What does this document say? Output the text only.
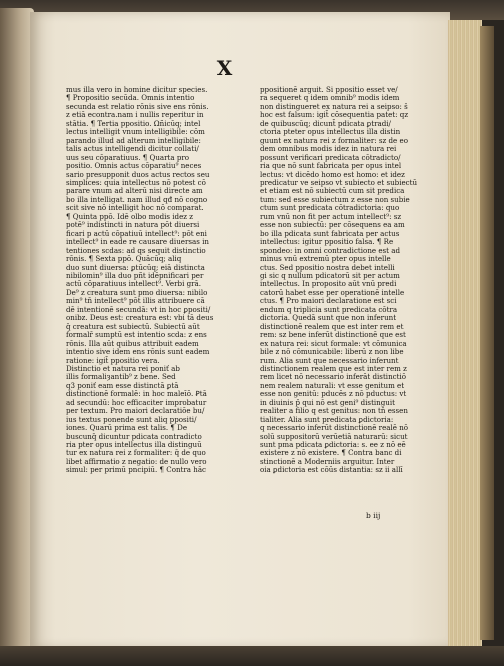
X

mus illa vero in homine dicitur species.
¶ Propositio secūda. Omnis intentio
secunda est relatio rōnis sive ens rōnis.
z etiā econtra.nam i nullis reperitur in
stātia. ¶ Tertia ppositio. Ωñicūq; intel
lectus intelligit vnum intelligibile: cōm
parando illud ad alterum intelligibile:
talis actus intelligendi dicitur collati/
uus seu cōparatiuus. ¶ Quarta pro
positio. Omnis actus cōparatiu⁹ neces
sario presupponit duos actus rectos seu
simplices: quia intellectus nō potest cō
parare vnum ad alterū nisi directe am
bo illa intelligat. nam illud qđ nō cogno
scit sive nō intelligit hoc nō comparat.
¶ Quinta ppō. Idē olbo modis idez z
potē⁹ indistincti in natura pōt diuersi
ficari p actū cōpatiuū intellect⁹: pōt eni
intellect⁹ in eade re causare diuersas in
tentiones scdas: ad qs sequit distinctio
rōnis. ¶ Sexta ppō. Quācūq; aliq
duo sunt diuersa: ꝑtūcūq; eiā distincta
nibilomin⁹ illa duo pñt idēpnificari per
actū cōparatiuus intellect⁹. Verbi grā.
De⁹ z creatura sunt pmo diuersa: nibilo
min⁹ tn̄ intellect⁹ pōt illis attribuere cā
dē intentionē secundā: vt in hoc ꝑpositi/
onibz. Deus est: creatura est: vbi tā deus
q̄ creatura est subiectū. Subiectū aūt
formalr̄ sumptū est intentio scda: z ens
rōnis. Illa aūt quibus attribuit eadem
intentio sive idem ens rōnis sunt eadem
ratione: igit̄ ppositio vera.
Distinctio et natura rei poniť ab
illis formaliȝantib⁹ z bene. Sed
q3 poniť eam esse distinctā ꝑtā
distinctionē formalē: in hoc maleīō. Ꝑtā
ad secundū: hoc efficaciter improbatur
per textum. Pro maiori declaratiōe bu/
ius textus ponende sunt aliq ppositi/
iones. Quarū prima est talis. ¶ De
buscunq̄ dicuntur pdicata contradicto
ria pter opus intellectus illa distinguū
tur ex natura rei z formaliter: q̄ de quo
libet affirmatio z negatio: de nullo vero
simul: per primū pncipiū. ¶ Contra hāc

ppositionē arguit. Si ppositio esset ve/
ra sequeret q idem omnib⁹ modis idem
non distingueret ex natura rei a seipso: s̄
hoc est falsum: igit̄ cōsequentia patet: qz
de quibuscūq; dicunt̄ pdicata ꝑtradi/
ctoria pteter opus intellectus illa distin
guunt ex natura rei z formaliter: sz de eo
dem omnibus modis idez in natura rei
possunt verificari predicata cōtradicto/
ria que nō sunt fabricata per opus intel
lectus: vt dicēdo homo est homo: et idez
predicatur ve seipso vt subiecto et subiectū
et etiam est nō subiectū cum sit predica
tum: sed esse subiectum z esse non subie
ctum sunt predicata cōtradictoria: quo
rum vnū non fit per actum intellect⁹: sz
esse non subiectū: per cōsequens ea am
bo illa pdicata sunt fabricata per actus
intellectus: igitur ppositio falsa. ¶ Re
spondeo: in omni contradictione est ad
minus vnū extremū pter opus intelle
ctus. Sed ppositio nostra debet intelli
gi sic q nullum pdicatorū sit per actum
intellectus. In proposito aūt vnū predi
catorū habet esse per operationē intelle
ctus. ¶ Pro maiori declaratione est sci
endum q triplicia sunt predicata cōtra
dictoria. Quedā sunt que non inferunt
distinctionē realem que est inter rem et
rem: sz bene inferūt distinctionē que est
ex natura rei: sicut formale: vt cōmunica
bile z nō cōmunicabile: liberū z non libe
rum. Alia sunt que necessario inferunt
distinctionem realem que est inter rem z
rem licet nō necessario inferāt distinctiō
nem realem naturali: vt esse genitum et
esse non genitū: pducēs z nō pductus: vt
in diuinis p̄ qui nō est geni⁹ distinguit
realiter a filio q est genitus: non tn̄ essen
tialiter. Alia sunt predicata ꝑdictoria:
q necessario inferūt distinctionē realē nō
solū suppositorū verūetiā naturarū: sicut
sunt pma pdicata ꝑdictoria: s. ee z nō eē
existere z nō existere. ¶ Contra banc di
stinctionē a Moderniis arguitur. Inter
oia ꝑdictoria est cōūs distantia: sz ii allī

b iij
